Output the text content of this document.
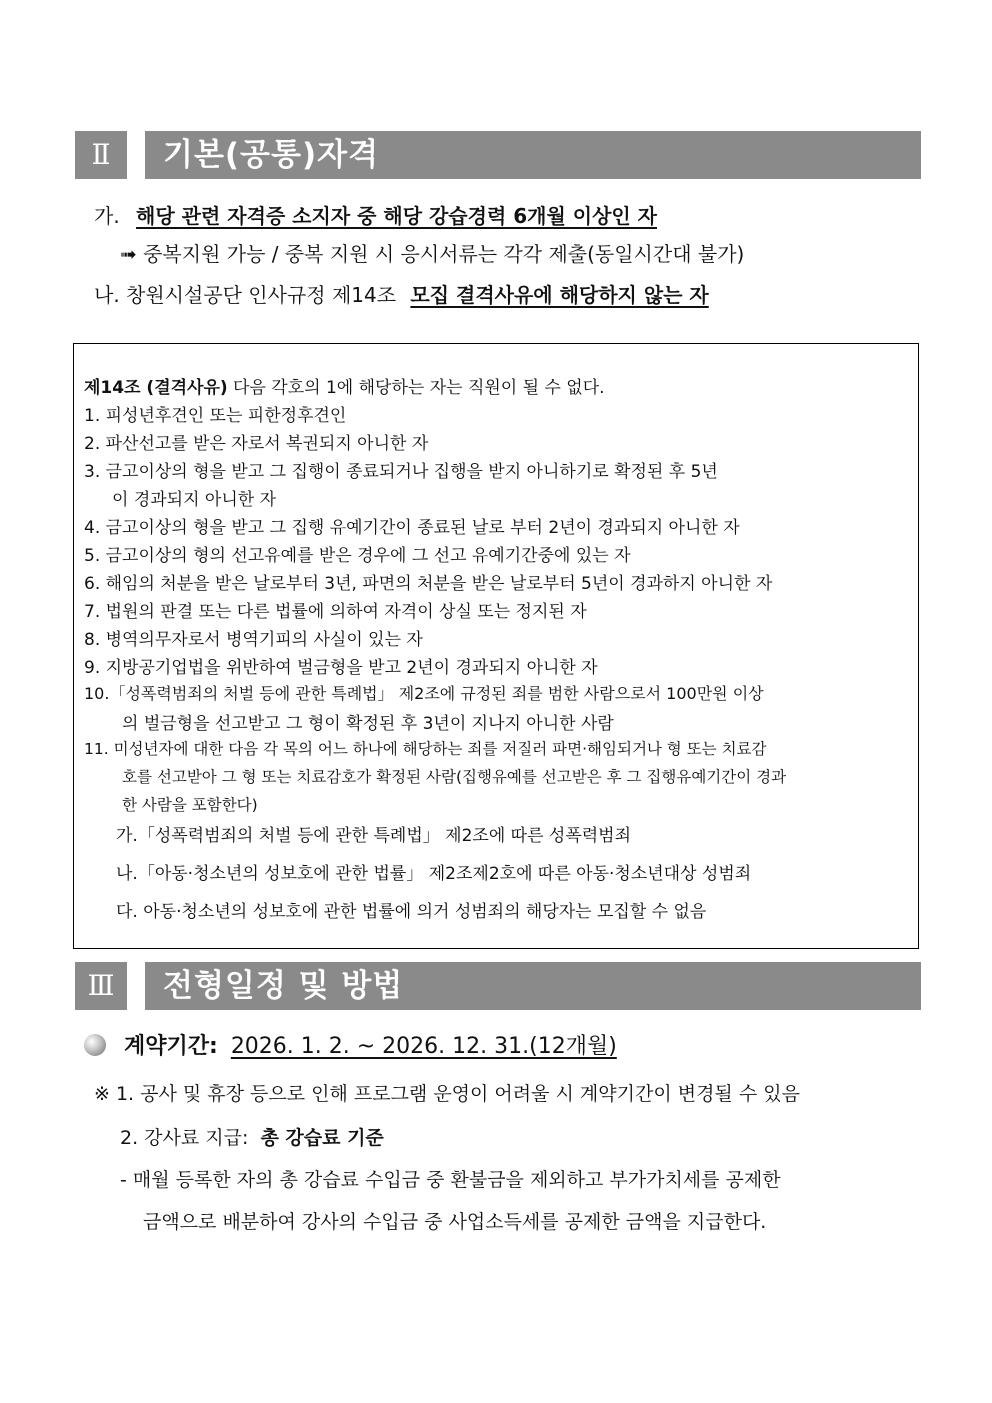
Ⅱ	기본(공통)자격
가. 해당 관련 자격증 소지자 중 해당 강습경력 6개월 이상인 자
➟ 중복지원 가능 / 중복 지원 시 응시서류는 각각 제출(동일시간대 불가)
나. 창원시설공단 인사규정 제14조 모집 결격사유에 해당하지 않는 자
제14조 (결격사유) 다음 각호의 1에 해당하는 자는 직원이 될 수 없다.
1. 피성년후견인 또는 피한정후견인
2. 파산선고를 받은 자로서 복권되지 아니한 자
3. 금고이상의 형을 받고 그 집행이 종료되거나 집행을 받지 아니하기로 확정된 후 5년
이 경과되지 아니한 자
4. 금고이상의 형을 받고 그 집행 유예기간이 종료된 날로 부터 2년이 경과되지 아니한 자
5. 금고이상의 형의 선고유예를 받은 경우에 그 선고 유예기간중에 있는 자
6. 해임의 처분을 받은 날로부터 3년, 파면의 처분을 받은 날로부터 5년이 경과하지 아니한 자
7. 법원의 판결 또는 다른 법률에 의하여 자격이 상실 또는 정지된 자
8. 병역의무자로서 병역기피의 사실이 있는 자
9. 지방공기업법을 위반하여 벌금형을 받고 2년이 경과되지 아니한 자
10.「성폭력범죄의 처벌 등에 관한 특례법」 제2조에 규정된 죄를 범한 사람으로서 100만원 이상
의 벌금형을 선고받고 그 형이 확정된 후 3년이 지나지 아니한 사람
11. 미성년자에 대한 다음 각 목의 어느 하나에 해당하는 죄를 저질러 파면·해임되거나 형 또는 치료감
호를 선고받아 그 형 또는 치료감호가 확정된 사람(집행유예를 선고받은 후 그 집행유예기간이 경과
한 사람을 포함한다)
가.「성폭력범죄의 처벌 등에 관한 특례법」 제2조에 따른 성폭력범죄
나.「아동·청소년의 성보호에 관한 법률」 제2조제2호에 따른 아동·청소년대상 성범죄
다. 아동·청소년의 성보호에 관한 법률에 의거 성범죄의 해당자는 모집할 수 없음
Ⅲ	전형일정 및 방법
계약기간: 2026. 1. 2. ~ 2026. 12. 31.(12개월)
※ 1. 공사 및 휴장 등으로 인해 프로그램 운영이 어려울 시 계약기간이 변경될 수 있음
2. 강사료 지급: 총 강습료 기준
- 매월 등록한 자의 총 강습료 수입금 중 환불금을 제외하고 부가가치세를 공제한
금액으로 배분하여 강사의 수입금 중 사업소득세를 공제한 금액을 지급한다.
